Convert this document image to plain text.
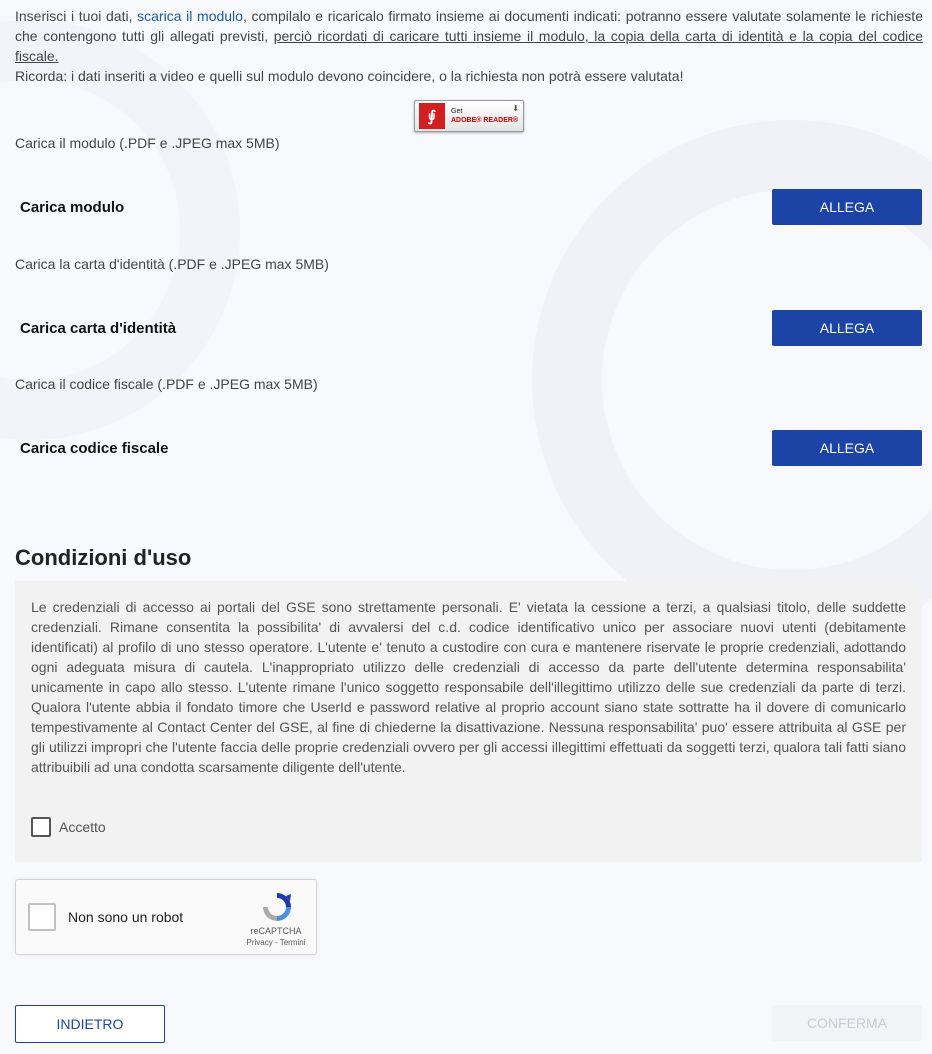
Inserisci i tuoi dati, scarica il modulo, compilalo e ricaricalo firmato insieme ai documenti indicati: potranno essere valutate solamente le richieste che contengono tutti gli allegati previsti, perciò ricordati di caricare tutti insieme il modulo, la copia della carta di identità e la copia del codice fiscale.
Ricorda: i dati inseriti a video e quelli sul modulo devono coincidere, o la richiesta non potrà essere valutata!
⨚	Get
ADOBE® READER®
⬇
Carica il modulo (.PDF e .JPEG max 5MB)
Carica modulo	ALLEGA
Carica la carta d'identità (.PDF e .JPEG max 5MB)
Carica carta d'identità	ALLEGA
Carica il codice fiscale (.PDF e .JPEG max 5MB)
Carica codice fiscale	ALLEGA
Condizioni d'uso
Le credenziali di accesso ai portali del GSE sono strettamente personali. E' vietata la cessione a terzi, a qualsiasi titolo, delle suddette credenziali. Rimane consentita la possibilita' di avvalersi del c.d. codice identificativo unico per associare nuovi utenti (debitamente identificati) al profilo di uno stesso operatore. L'utente e' tenuto a custodire con cura e mantenere riservate le proprie credenziali, adottando ogni adeguata misura di cautela. L'inappropriato utilizzo delle credenziali di accesso da parte dell'utente determina responsabilita' unicamente in capo allo stesso. L'utente rimane l'unico soggetto responsabile dell'illegittimo utilizzo delle sue credenziali da parte di terzi. Qualora l'utente abbia il fondato timore che UserId e password relative al proprio account siano state sottratte ha il dovere di comunicarlo tempestivamente al Contact Center del GSE, al fine di chiederne la disattivazione. Nessuna responsabilita' puo' essere attribuita al GSE per gli utilizzi impropri che l'utente faccia delle proprie credenziali ovvero per gli accessi illegittimi effettuati da soggetti terzi, qualora tali fatti siano attribuibili ad una condotta scarsamente diligente dell'utente.
Accetto
Non sono un robot
reCAPTCHA
Privacy - Termini
INDIETRO	CONFERMA
